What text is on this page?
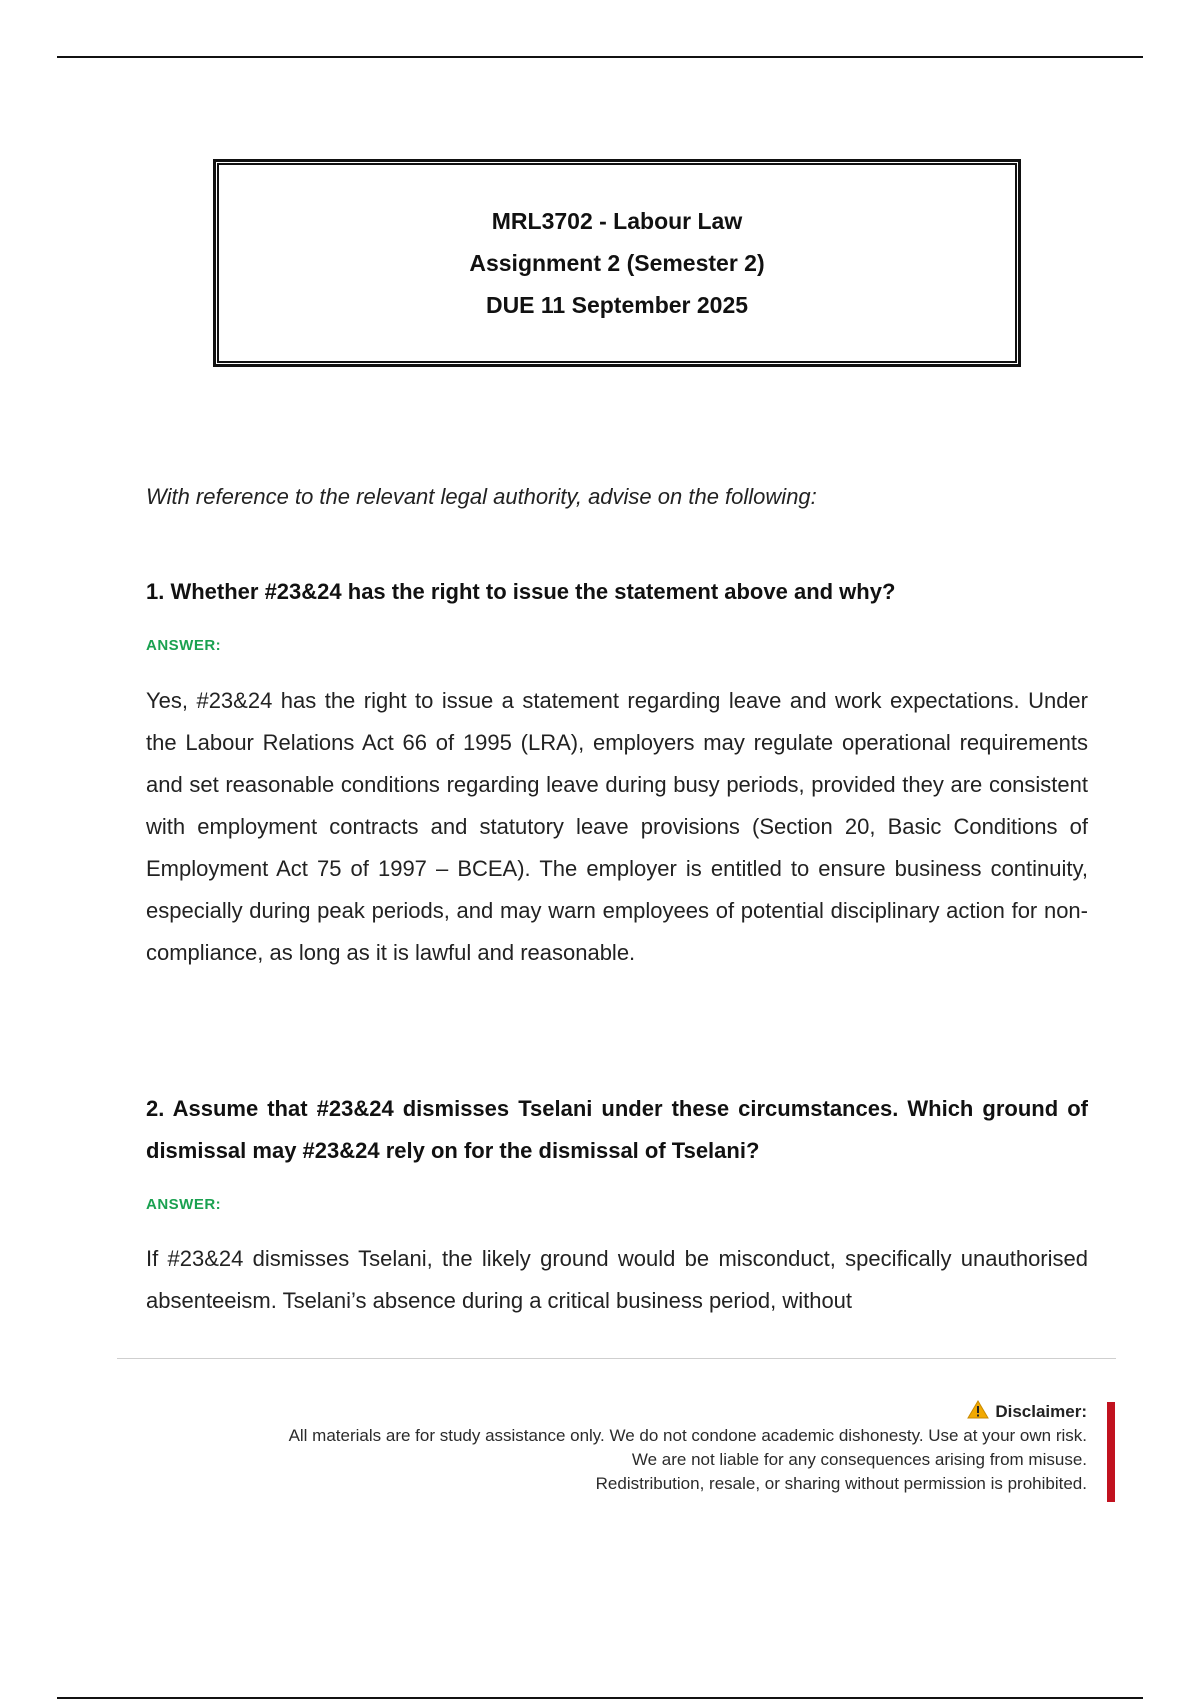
MRL3702 - Labour Law
Assignment 2 (Semester 2)
DUE 11 September 2025
With reference to the relevant legal authority, advise on the following:
1. Whether #23&24 has the right to issue the statement above and why?
ANSWER:
Yes, #23&24 has the right to issue a statement regarding leave and work expectations. Under the Labour Relations Act 66 of 1995 (LRA), employers may regulate operational requirements and set reasonable conditions regarding leave during busy periods, provided they are consistent with employment contracts and statutory leave provisions (Section 20, Basic Conditions of Employment Act 75 of 1997 – BCEA). The employer is entitled to ensure business continuity, especially during peak periods, and may warn employees of potential disciplinary action for non-compliance, as long as it is lawful and reasonable.
2. Assume that #23&24 dismisses Tselani under these circumstances. Which ground of dismissal may #23&24 rely on for the dismissal of Tselani?
ANSWER:
If #23&24 dismisses Tselani, the likely ground would be misconduct, specifically unauthorised absenteeism. Tselani’s absence during a critical business period, without
Disclaimer:
All materials are for study assistance only. We do not condone academic dishonesty. Use at your own risk.
We are not liable for any consequences arising from misuse.
Redistribution, resale, or sharing without permission is prohibited.
